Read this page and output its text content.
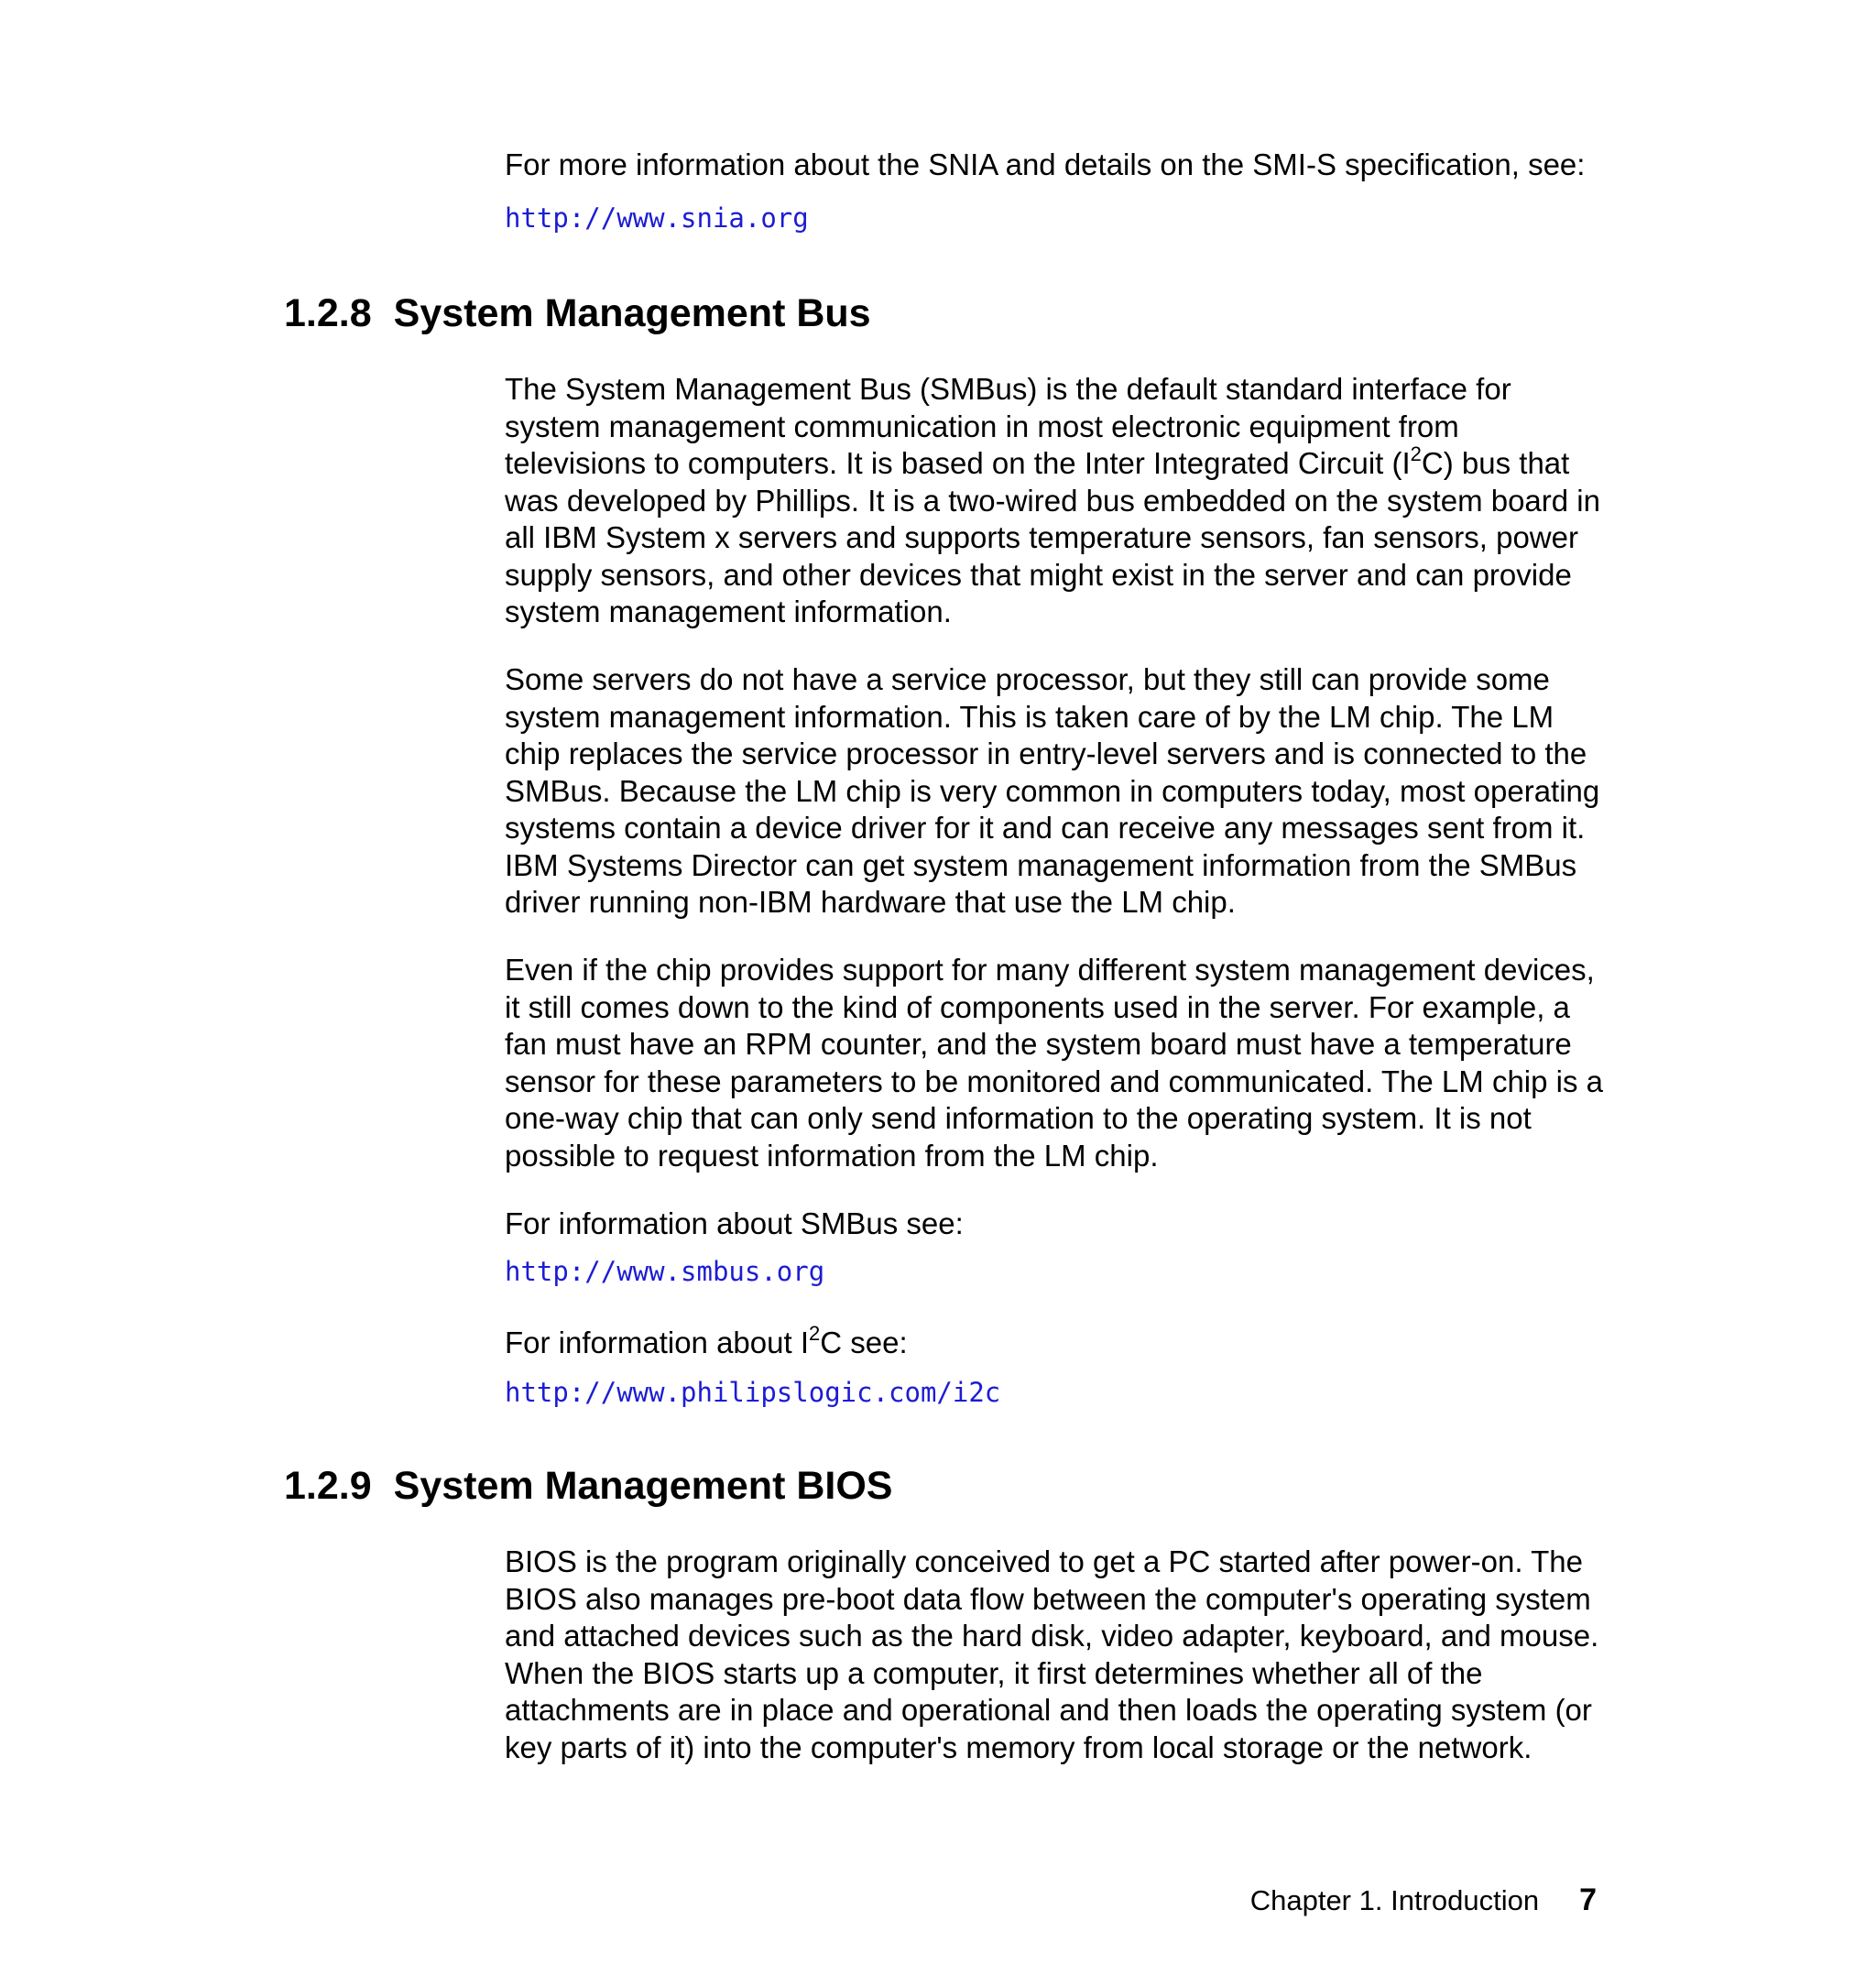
For more information about the SNIA and details on the SMI-S specification, see:

http://www.snia.org
1.2.8 System Management Bus

The System Management Bus (SMBus) is the default standard interface for system management communication in most electronic equipment from televisions to computers. It is based on the Inter Integrated Circuit $(I^2C)$ bus that was developed by Phillips. It is a two-wired bus embedded on the system board in all IBM System x servers and supports temperature sensors, fan sensors, power supply sensors, and other devices that might exist in the server and can provide system management information.

Some servers do not have a service processor, but they still can provide some system management information. This is taken care of by the LM chip. The LM chip replaces the service processor in entry-level servers and is connected to the SMBus. Because the LM chip is very common in computers today, most operating systems contain a device driver for it and can receive any messages sent from it. IBM Systems Director can get system management information from the SMBus driver running non-IBM hardware that use the LM chip.

Even if the chip provides support for many different system management devices, it still comes down to the kind of components used in the server. For example, a fan must have an RPM counter, and the system board must have a temperature sensor for these parameters to be monitored and communicated. The LM chip is a one-way chip that can only send information to the operating system. It is not possible to request information from the LM chip.

For information about SMBus see:

http://www.smbus.org

For information about $I^2C$ see:

http://www.philipslogic.com/i2c
1.2.9 System Management BIOS

BIOS is the program originally conceived to get a PC started after power-on. The BIOS also manages pre-boot data flow between the computer's operating system and attached devices such as the hard disk, video adapter, keyboard, and mouse. When the BIOS starts up a computer, it first determines whether all of the attachments are in place and operational and then loads the operating system (or key parts of it) into the computer's memory from local storage or the network.

Chapter 1. Introduction 7
